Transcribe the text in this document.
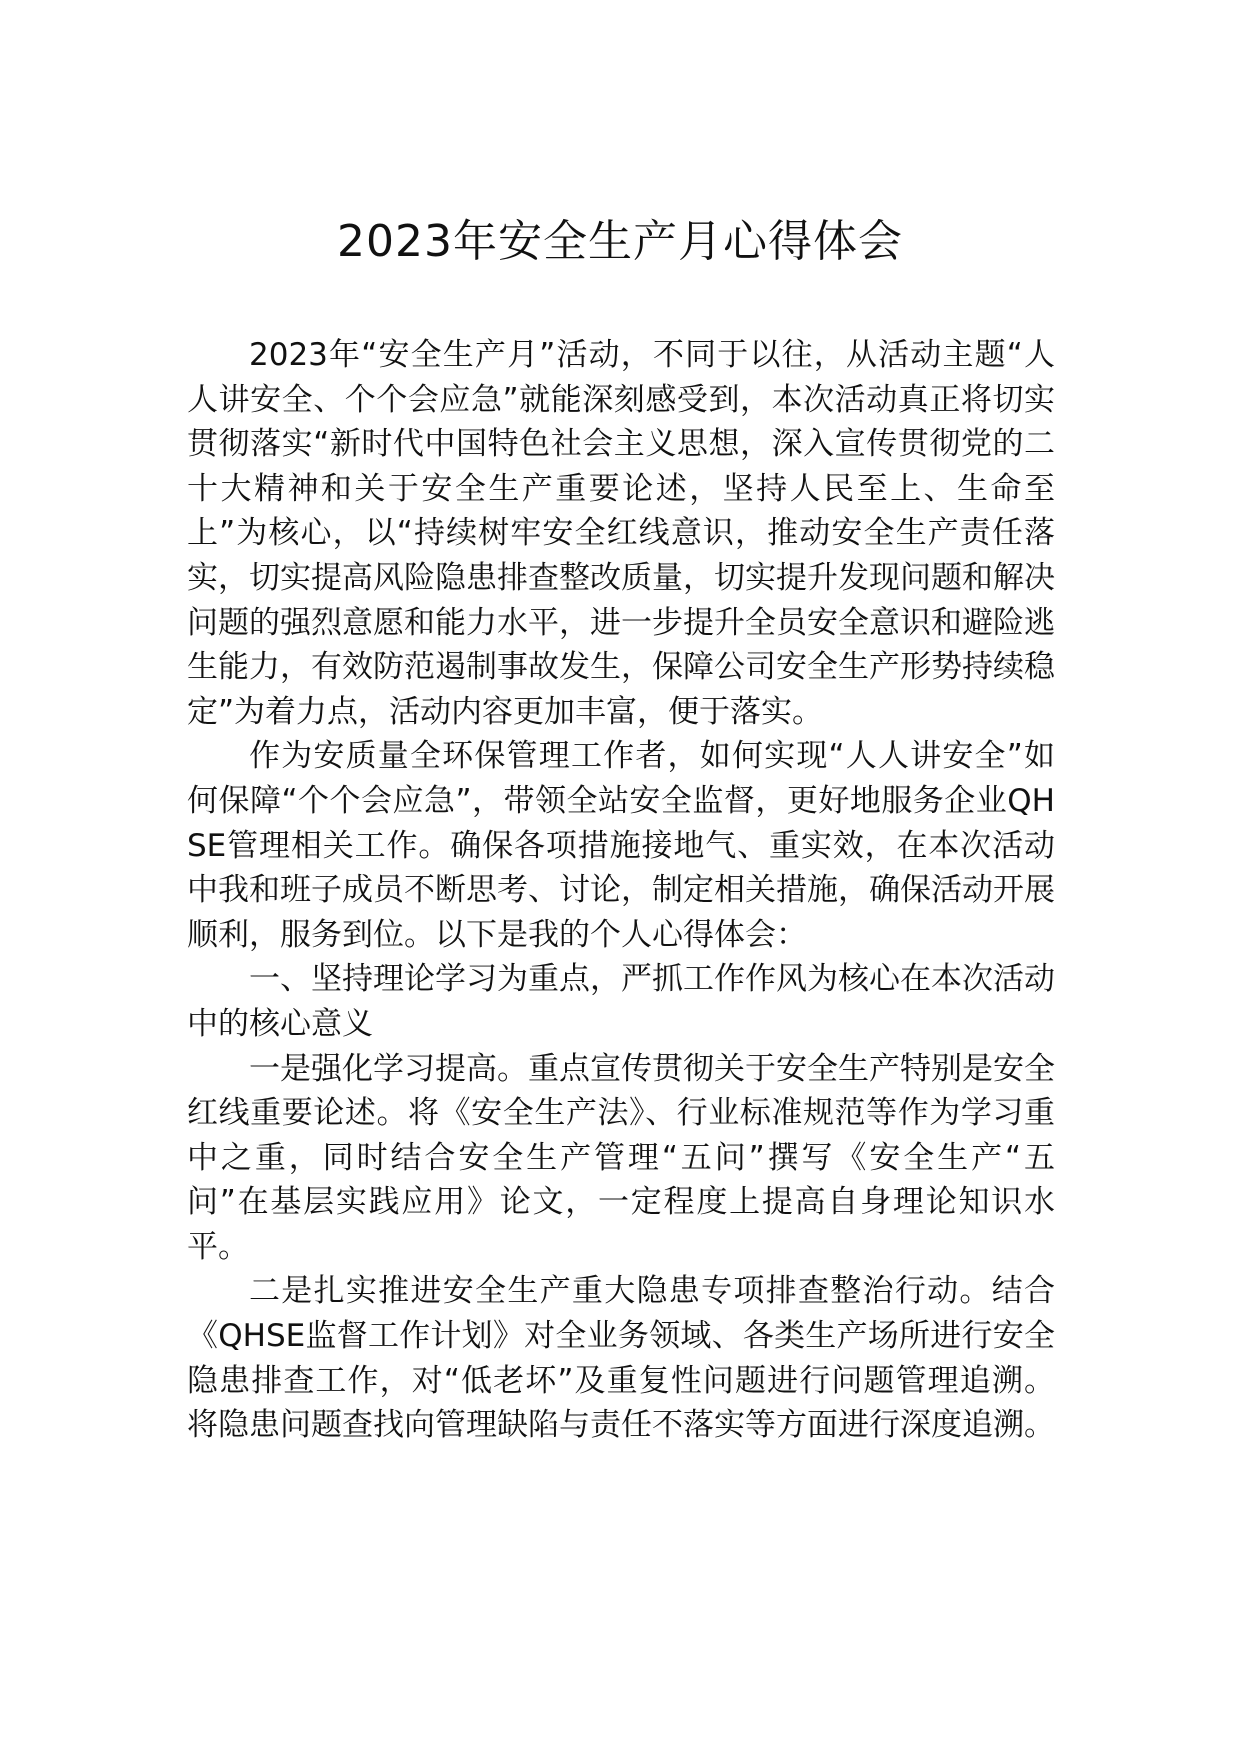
2023年安全生产月心得体会

2023年“安全生产月”活动，不同于以往，从活动主题“人人讲安全、个个会应急”就能深刻感受到，本次活动真正将切实贯彻落实“新时代中国特色社会主义思想，深入宣传贯彻党的二十大精神和关于安全生产重要论述，坚持人民至上、生命至上”为核心，以“持续树牢安全红线意识，推动安全生产责任落实，切实提高风险隐患排查整改质量，切实提升发现问题和解决问题的强烈意愿和能力水平，进一步提升全员安全意识和避险逃生能力，有效防范遏制事故发生，保障公司安全生产形势持续稳定”为着力点，活动内容更加丰富，便于落实。

作为安质量全环保管理工作者，如何实现“人人讲安全”如何保障“个个会应急”，带领全站安全监督，更好地服务企业QHSE管理相关工作。确保各项措施接地气、重实效，在本次活动中我和班子成员不断思考、讨论，制定相关措施，确保活动开展顺利，服务到位。以下是我的个人心得体会：

一、坚持理论学习为重点，严抓工作作风为核心在本次活动中的核心意义

一是强化学习提高。重点宣传贯彻关于安全生产特别是安全红线重要论述。将《安全生产法》、行业标准规范等作为学习重中之重，同时结合安全生产管理“五问”撰写《安全生产“五问”在基层实践应用》论文，一定程度上提高自身理论知识水平。

二是扎实推进安全生产重大隐患专项排查整治行动。结合《QHSE监督工作计划》对全业务领域、各类生产场所进行安全隐患排查工作，对“低老坏”及重复性问题进行问题管理追溯。将隐患问题查找向管理缺陷与责任不落实等方面进行深度追溯。
